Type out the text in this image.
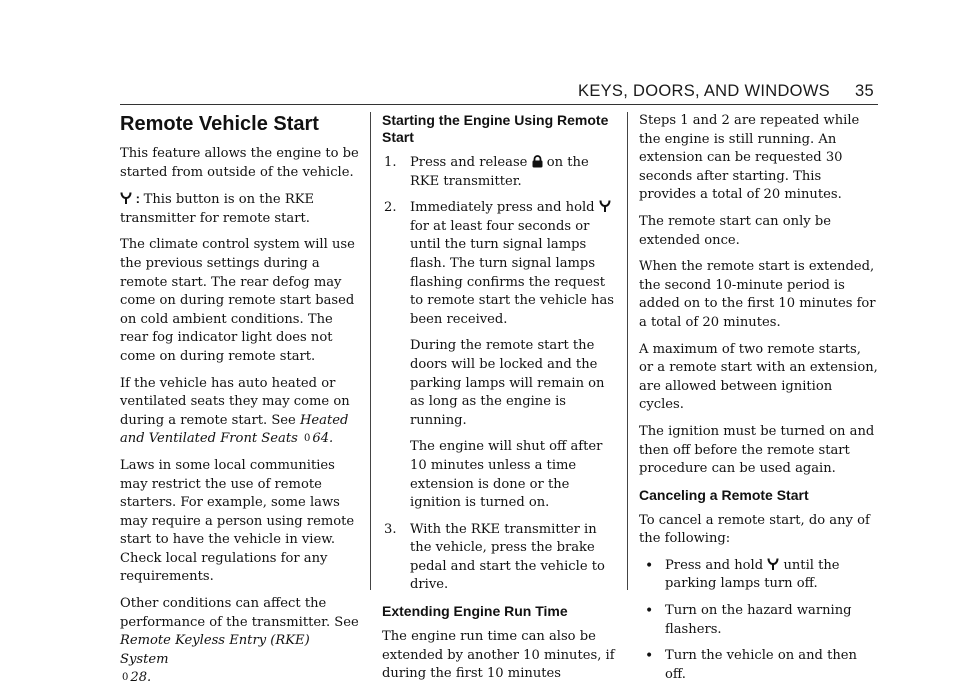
KEYS, DOORS, AND WINDOWS 35
Remote Vehicle Start

This feature allows the engine to be started from outside of the vehicle.

: This button is on the RKE transmitter for remote start.

The climate control system will use the previous settings during a remote start. The rear defog may come on during remote start based on cold ambient conditions. The rear fog indicator light does not come on during remote start.

If the vehicle has auto heated or ventilated seats they may come on during a remote start. See Heated and Ventilated Front Seats 0 64.

Laws in some local communities may restrict the use of remote starters. For example, some laws may require a person using remote start to have the vehicle in view. Check local regulations for any requirements.

Other conditions can affect the performance of the transmitter. See Remote Keyless Entry (RKE) System
0 28.

Starting the Engine Using Remote Start
1. Press and release on the RKE transmitter.
2. Immediately press and hold
for at least four seconds or until the turn signal lamps flash. The turn signal lamps flashing confirms the request to remote start the vehicle has been received.

During the remote start the doors will be locked and the parking lamps will remain on as long as the engine is running.

The engine will shut off after 10 minutes unless a time extension is done or the ignition is turned on.

3. With the RKE transmitter in the vehicle, press the brake pedal and start the vehicle to drive.
Extending Engine Run Time

The engine run time can also be extended by another 10 minutes, if during the first 10 minutes

Steps 1 and 2 are repeated while the engine is still running. An extension can be requested 30 seconds after starting. This provides a total of 20 minutes.

The remote start can only be extended once.

When the remote start is extended, the second 10-minute period is added on to the first 10 minutes for a total of 20 minutes.

A maximum of two remote starts, or a remote start with an extension, are allowed between ignition cycles.

The ignition must be turned on and then off before the remote start procedure can be used again.

Canceling a Remote Start

To cancel a remote start, do any of the following:

• Press and hold until the parking lamps turn off.
• Turn on the hazard warning flashers.
• Turn the vehicle on and then off.
